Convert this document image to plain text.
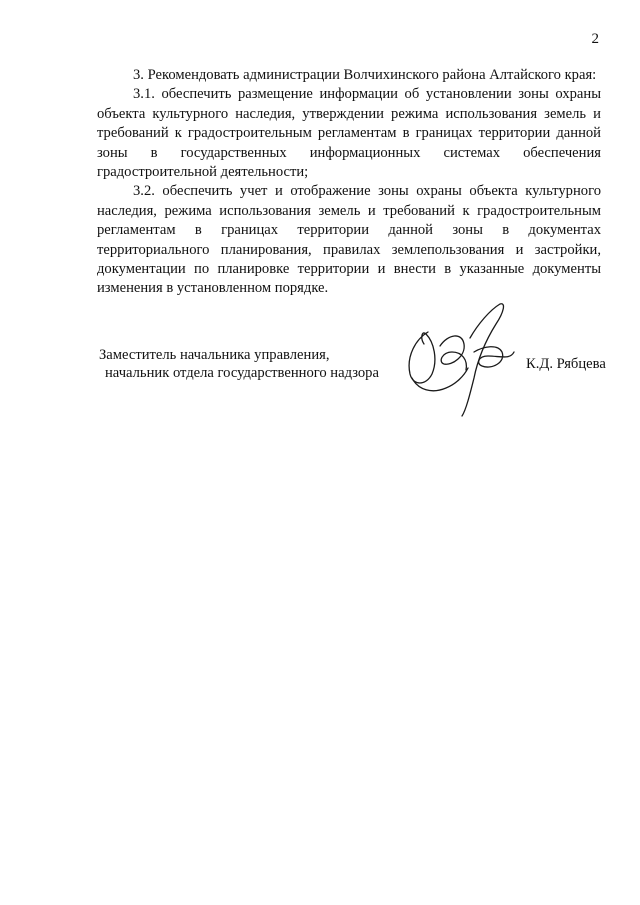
2

3. Рекомендовать администрации Волчихинского района Алтайского края:

3.1. обеспечить размещение информации об установлении зоны охраны объекта культурного наследия, утверждении режима использования земель и требований к градостроительным регламентам в границах территории данной зоны в государственных информационных системах обеспечения градостроительной деятельности;

3.2. обеспечить учет и отображение зоны охраны объекта культурного наследия, режима использования земель и требований к градостроительным регламентам в границах территории данной зоны в документах территориального планирования, правилах землепользования и застройки, документации по планировке территории и внести в указанные документы изменения в установленном порядке.

Заместитель начальника управления,
начальник отдела государственного надзора
К.Д. Рябцева
